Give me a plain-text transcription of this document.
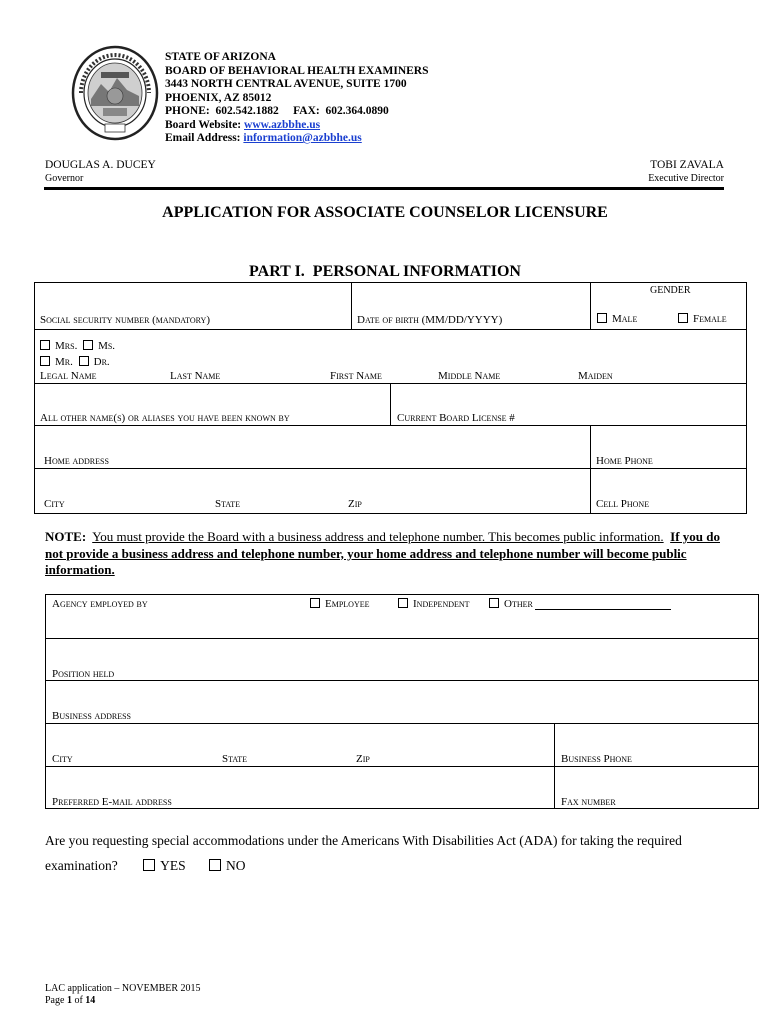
STATE OF ARIZONA
BOARD OF BEHAVIORAL HEALTH EXAMINERS
3443 NORTH CENTRAL AVENUE, SUITE 1700
PHOENIX, AZ 85012
PHONE:  602.542.1882     FAX:  602.364.0890
Board Website: www.azbbhe.us
Email Address: information@azbbhe.us
DOUGLAS A. DUCEY
Governor
TOBI ZAVALA
Executive Director
APPLICATION FOR ASSOCIATE COUNSELOR LICENSURE
PART I.  PERSONAL INFORMATION
GENDER
Social security number (mandatory)	Date of birth (MM/DD/YYYY)	Male	Female
Mrs. Ms.
Mr. Dr.
Legal Name	Last Name	First Name	Middle Name	Maiden
All other name(s) or aliases you have been known by	Current Board License #
Home address	Home Phone
City	State	Zip	Cell Phone
NOTE: You must provide the Board with a business address and telephone number. This becomes public information. If you do not provide a business address and telephone number, your home address and telephone number will become public information.
Agency employed by	Employee	Independent	Other
Position held
Business address
City	State	Zip	Business Phone
Preferred E-mail address	Fax number
Are you requesting special accommodations under the Americans With Disabilities Act (ADA) for taking the required
examination?	YES	NO
LAC application – NOVEMBER 2015
Page 1 of 14
